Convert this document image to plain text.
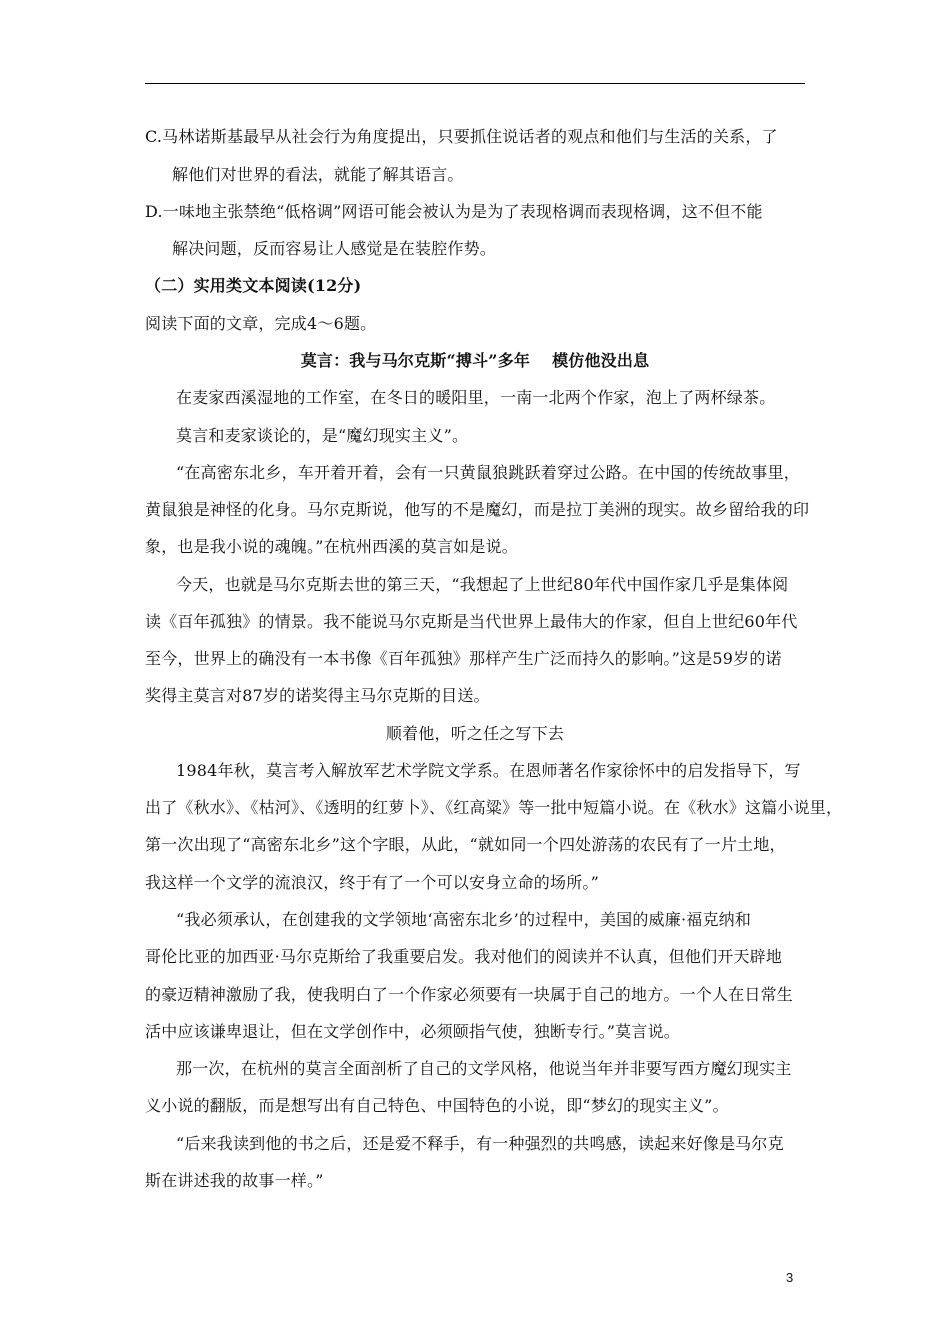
C.马林诺斯基最早从社会行为角度提出，只要抓住说话者的观点和他们与生活的关系，了
解他们对世界的看法，就能了解其语言。
D.一味地主张禁绝“低格调”网语可能会被认为是为了表现格调而表现格调，这不但不能
解决问题，反而容易让人感觉是在装腔作势。
（二）实用类文本阅读(12分)
阅读下面的文章，完成4～6题。
莫言：我与马尔克斯“搏斗”多年　 模仿他没出息
在麦家西溪湿地的工作室，在冬日的暖阳里，一南一北两个作家，泡上了两杯绿茶。
莫言和麦家谈论的，是“魔幻现实主义”。
“在高密东北乡，车开着开着，会有一只黄鼠狼跳跃着穿过公路。在中国的传统故事里，
黄鼠狼是神怪的化身。马尔克斯说，他写的不是魔幻，而是拉丁美洲的现实。故乡留给我的印
象，也是我小说的魂魄。”在杭州西溪的莫言如是说。
今天，也就是马尔克斯去世的第三天，“我想起了上世纪80年代中国作家几乎是集体阅
读《百年孤独》的情景。我不能说马尔克斯是当代世界上最伟大的作家，但自上世纪60年代
至今，世界上的确没有一本书像《百年孤独》那样产生广泛而持久的影响。”这是59岁的诺
奖得主莫言对87岁的诺奖得主马尔克斯的目送。
顺着他，听之任之写下去
1984年秋，莫言考入解放军艺术学院文学系。在恩师著名作家徐怀中的启发指导下，写
出了《秋水》、《枯河》、《透明的红萝卜》、《红高粱》等一批中短篇小说。在《秋水》这篇小说里，
第一次出现了“高密东北乡”这个字眼，从此，“就如同一个四处游荡的农民有了一片土地，
我这样一个文学的流浪汉，终于有了一个可以安身立命的场所。”
“我必须承认，在创建我的文学领地‘高密东北乡’的过程中，美国的威廉·福克纳和
哥伦比亚的加西亚·马尔克斯给了我重要启发。我对他们的阅读并不认真，但他们开天辟地
的豪迈精神激励了我，使我明白了一个作家必须要有一块属于自己的地方。一个人在日常生
活中应该谦卑退让，但在文学创作中，必须颐指气使，独断专行。”莫言说。
那一次，在杭州的莫言全面剖析了自己的文学风格，他说当年并非要写西方魔幻现实主
义小说的翻版，而是想写出有自己特色、中国特色的小说，即“梦幻的现实主义”。
“后来我读到他的书之后，还是爱不释手，有一种强烈的共鸣感，读起来好像是马尔克
斯在讲述我的故事一样。”
3
